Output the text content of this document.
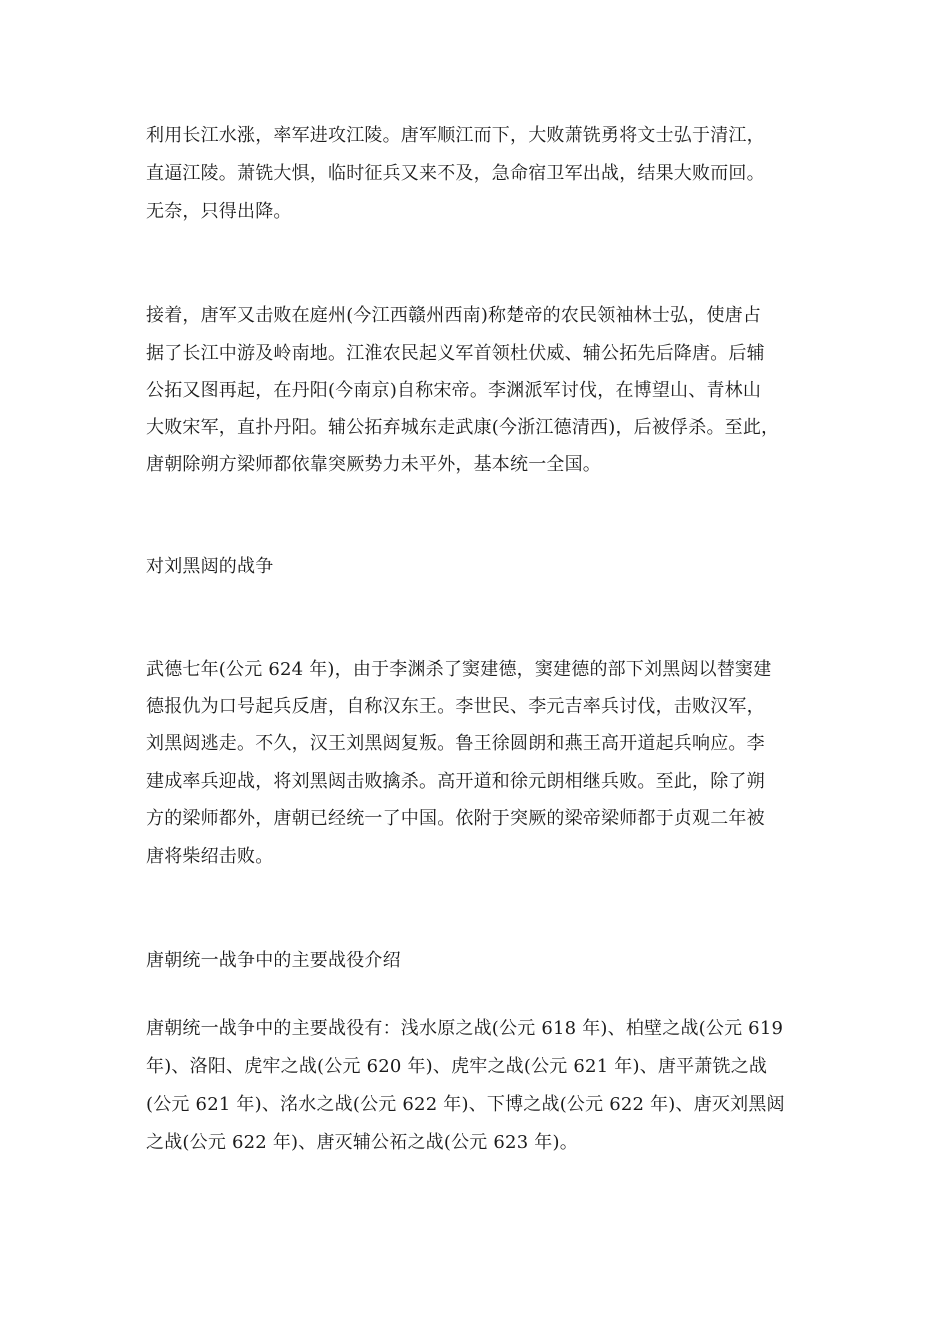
利用长江水涨，率军进攻江陵。唐军顺江而下，大败萧铣勇将文士弘于清江，
直逼江陵。萧铣大惧，临时征兵又来不及，急命宿卫军出战，结果大败而回。
无奈，只得出降。
接着，唐军又击败在庭州(今江西赣州西南)称楚帝的农民领袖林士弘，使唐占
据了长江中游及岭南地。江淮农民起义军首领杜伏威、辅公拓先后降唐。后辅
公拓又图再起，在丹阳(今南京)自称宋帝。李渊派军讨伐，在博望山、青林山
大败宋军，直扑丹阳。辅公拓弃城东走武康(今浙江德清西)，后被俘杀。至此，
唐朝除朔方梁师都依靠突厥势力未平外，基本统一全国。
对刘黑闼的战争
武德七年(公元 624 年)，由于李渊杀了窦建德，窦建德的部下刘黑闼以替窦建
德报仇为口号起兵反唐，自称汉东王。李世民、李元吉率兵讨伐，击败汉军，
刘黑闼逃走。不久，汉王刘黑闼复叛。鲁王徐圆朗和燕王高开道起兵响应。李
建成率兵迎战，将刘黑闼击败擒杀。高开道和徐元朗相继兵败。至此，除了朔
方的梁师都外，唐朝已经统一了中国。依附于突厥的梁帝梁师都于贞观二年被
唐将柴绍击败。
唐朝统一战争中的主要战役介绍
唐朝统一战争中的主要战役有：浅水原之战(公元 618 年)、柏壁之战(公元 619
年)、洛阳、虎牢之战(公元 620 年)、虎牢之战(公元 621 年)、唐平萧铣之战
(公元 621 年)、洺水之战(公元 622 年)、下博之战(公元 622 年)、唐灭刘黑闼
之战(公元 622 年)、唐灭辅公祏之战(公元 623 年)。
